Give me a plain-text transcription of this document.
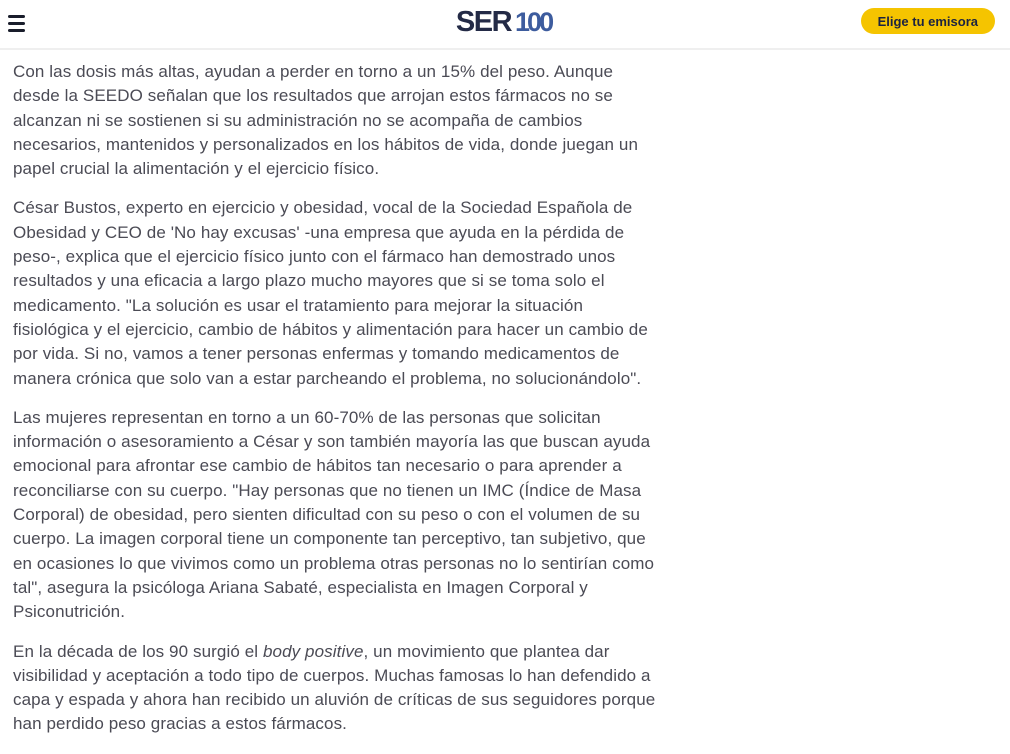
SER 100	Elige tu emisora

Con las dosis más altas, ayudan a perder en torno a un 15% del peso. Aunque desde la SEEDO señalan que los resultados que arrojan estos fármacos no se alcanzan ni se sostienen si su administración no se acompaña de cambios necesarios, mantenidos y personalizados en los hábitos de vida, donde juegan un papel crucial la alimentación y el ejercicio físico.

César Bustos, experto en ejercicio y obesidad, vocal de la Sociedad Española de Obesidad y CEO de 'No hay excusas' -una empresa que ayuda en la pérdida de peso-, explica que el ejercicio físico junto con el fármaco han demostrado unos resultados y una eficacia a largo plazo mucho mayores que si se toma solo el medicamento. "La solución es usar el tratamiento para mejorar la situación fisiológica y el ejercicio, cambio de hábitos y alimentación para hacer un cambio de por vida. Si no, vamos a tener personas enfermas y tomando medicamentos de manera crónica que solo van a estar parcheando el problema, no solucionándolo".

Las mujeres representan en torno a un 60-70% de las personas que solicitan información o asesoramiento a César y son también mayoría las que buscan ayuda emocional para afrontar ese cambio de hábitos tan necesario o para aprender a reconciliarse con su cuerpo. "Hay personas que no tienen un IMC (Índice de Masa Corporal) de obesidad, pero sienten dificultad con su peso o con el volumen de su cuerpo. La imagen corporal tiene un componente tan perceptivo, tan subjetivo, que en ocasiones lo que vivimos como un problema otras personas no lo sentirían como tal", asegura la psicóloga Ariana Sabaté, especialista en Imagen Corporal y Psiconutrición.

En la década de los 90 surgió el body positive, un movimiento que plantea dar visibilidad y aceptación a todo tipo de cuerpos. Muchas famosas lo han defendido a capa y espada y ahora han recibido un aluvión de críticas de sus seguidores porque han perdido peso gracias a estos fármacos.
